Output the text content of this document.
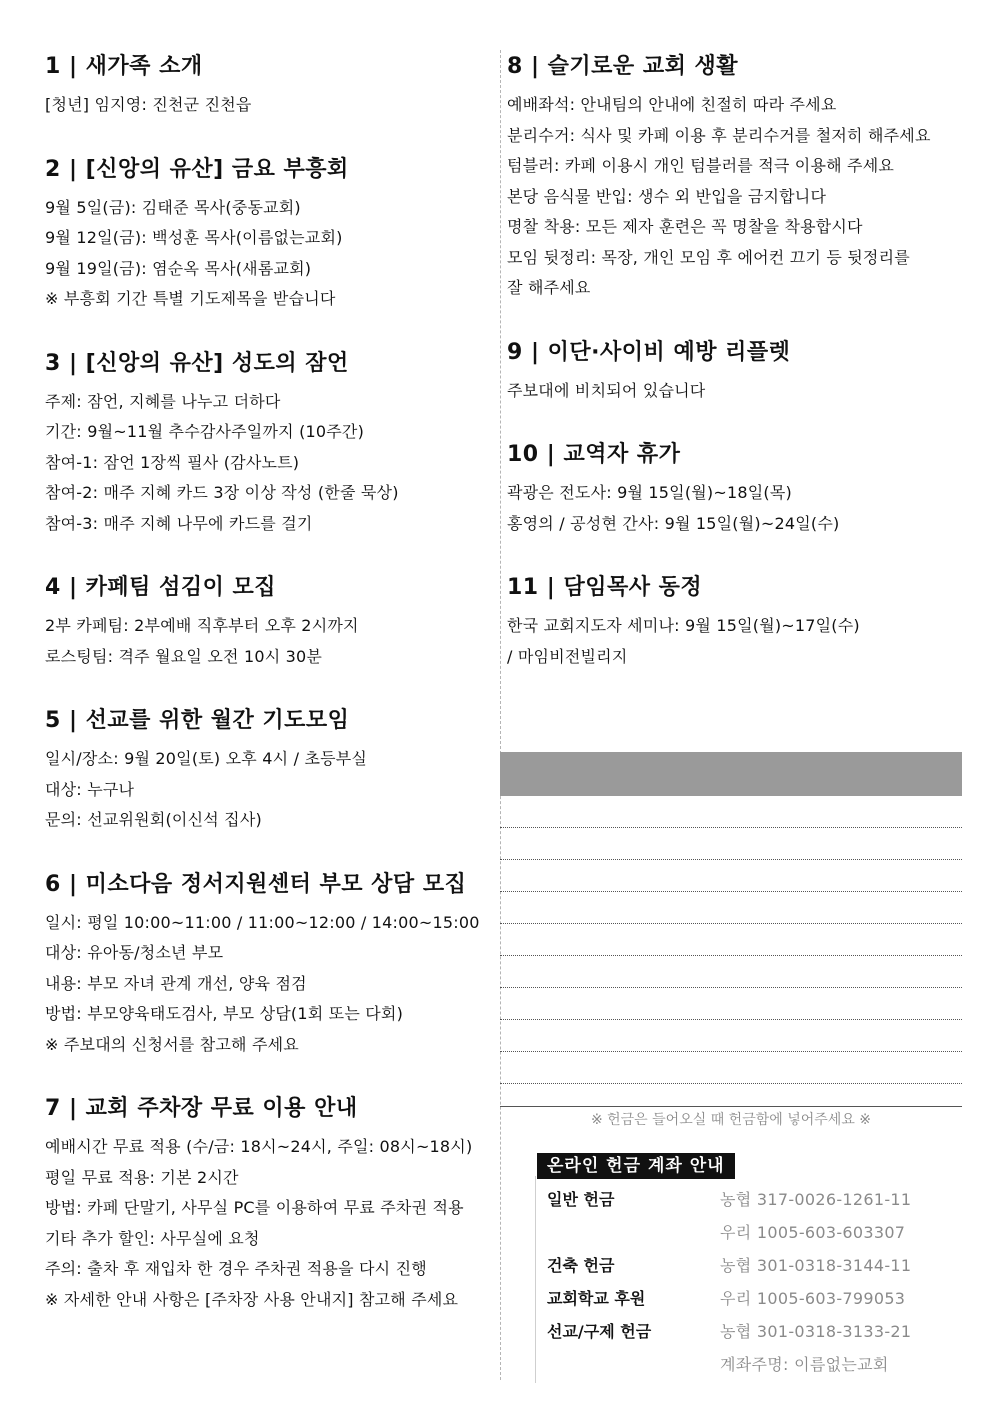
1 | 새가족 소개
[청년] 임지영: 진천군 진천읍
2 | [신앙의 유산] 금요 부흥회
9월 5일(금): 김태준 목사(중동교회)
9월 12일(금): 백성훈 목사(이름없는교회)
9월 19일(금): 염순옥 목사(새롬교회)
※ 부흥회 기간 특별 기도제목을 받습니다
3 | [신앙의 유산] 성도의 잠언
주제: 잠언, 지혜를 나누고 더하다
기간: 9월~11월 추수감사주일까지 (10주간)
참여-1: 잠언 1장씩 필사 (감사노트)
참여-2: 매주 지혜 카드 3장 이상 작성 (한줄 묵상)
참여-3: 매주 지혜 나무에 카드를 걸기
4 | 카페팀 섬김이 모집
2부 카페팀: 2부예배 직후부터 오후 2시까지
로스팅팀: 격주 월요일 오전 10시 30분
5 | 선교를 위한 월간 기도모임
일시/장소: 9월 20일(토) 오후 4시 / 초등부실
대상: 누구나
문의: 선교위원회(이신석 집사)
6 | 미소다음 정서지원센터 부모 상담 모집
일시: 평일 10:00~11:00 / 11:00~12:00 / 14:00~15:00
대상: 유아동/청소년 부모
내용: 부모 자녀 관계 개선, 양육 점검
방법: 부모양육태도검사, 부모 상담(1회 또는 다회)
※ 주보대의 신청서를 참고해 주세요
7 | 교회 주차장 무료 이용 안내
예배시간 무료 적용 (수/금: 18시~24시, 주일: 08시~18시)
평일 무료 적용: 기본 2시간
방법: 카페 단말기, 사무실 PC를 이용하여 무료 주차권 적용
기타 추가 할인: 사무실에 요청
주의: 출차 후 재입차 한 경우 주차권 적용을 다시 진행
※ 자세한 안내 사항은 [주차장 사용 안내지] 참고해 주세요
8 | 슬기로운 교회 생활
예배좌석: 안내팀의 안내에 친절히 따라 주세요
분리수거: 식사 및 카페 이용 후 분리수거를 철저히 해주세요
텀블러: 카페 이용시 개인 텀블러를 적극 이용해 주세요
본당 음식물 반입: 생수 외 반입을 금지합니다
명찰 착용: 모든 제자 훈련은 꼭 명찰을 착용합시다
모임 뒷정리: 목장, 개인 모임 후 에어컨 끄기 등 뒷정리를
잘 해주세요
9 | 이단·사이비 예방 리플렛
주보대에 비치되어 있습니다
10 | 교역자 휴가
곽광은 전도사: 9월 15일(월)~18일(목)
홍영의 / 공성현 간사: 9월 15일(월)~24일(수)
11 | 담임목사 동정
한국 교회지도자 세미나: 9월 15일(월)~17일(수)
/ 마임비전빌리지
※ 헌금은 들어오실 때 헌금함에 넣어주세요 ※
온라인 헌금 계좌 안내
일반 헌금	농협 317-0026-1261-11
우리 1005-603-603307
건축 헌금	농협 301-0318-3144-11
교회학교 후원	우리 1005-603-799053
선교/구제 헌금	농협 301-0318-3133-21
계좌주명: 이름없는교회
